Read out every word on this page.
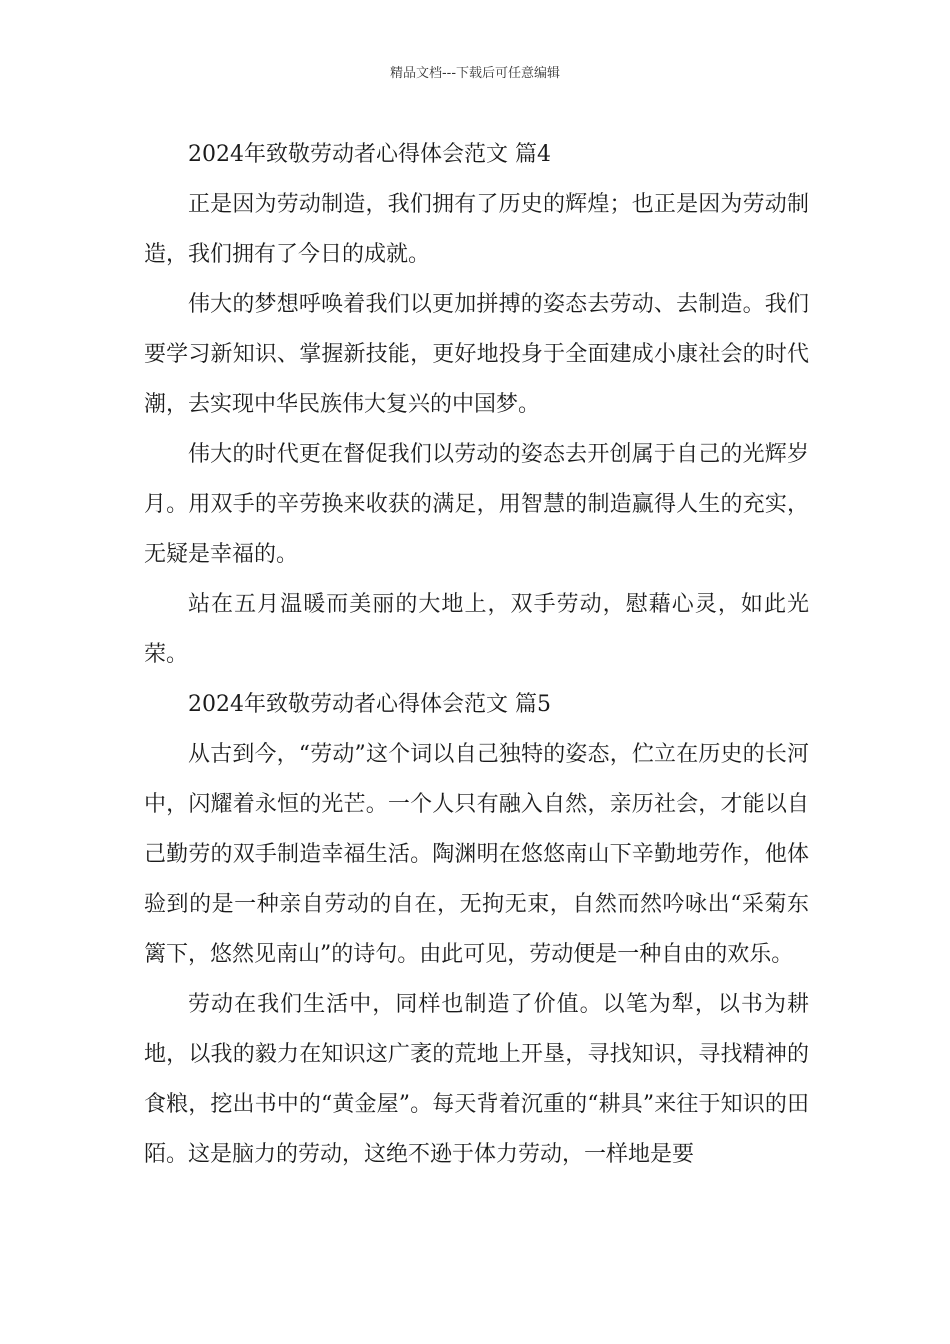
精品文档---下载后可任意编辑
2024年致敬劳动者心得体会范文 篇4

正是因为劳动制造，我们拥有了历史的辉煌；也正是因为劳动制造，我们拥有了今日的成就。

伟大的梦想呼唤着我们以更加拼搏的姿态去劳动、去制造。我们要学习新知识、掌握新技能，更好地投身于全面建成小康社会的时代潮，去实现中华民族伟大复兴的中国梦。

伟大的时代更在督促我们以劳动的姿态去开创属于自己的光辉岁月。用双手的辛劳换来收获的满足，用智慧的制造赢得人生的充实，无疑是幸福的。

站在五月温暖而美丽的大地上，双手劳动，慰藉心灵，如此光荣。

2024年致敬劳动者心得体会范文 篇5

从古到今，“劳动”这个词以自己独特的姿态，伫立在历史的长河中，闪耀着永恒的光芒。一个人只有融入自然，亲历社会，才能以自己勤劳的双手制造幸福生活。陶渊明在悠悠南山下辛勤地劳作，他体验到的是一种亲自劳动的自在，无拘无束，自然而然吟咏出“采菊东篱下，悠然见南山”的诗句。由此可见，劳动便是一种自由的欢乐。

劳动在我们生活中，同样也制造了价值。以笔为犁，以书为耕地，以我的毅力在知识这广袤的荒地上开垦，寻找知识，寻找精神的食粮，挖出书中的“黄金屋”。每天背着沉重的“耕具”来往于知识的田陌。这是脑力的劳动，这绝不逊于体力劳动，一样地是要
